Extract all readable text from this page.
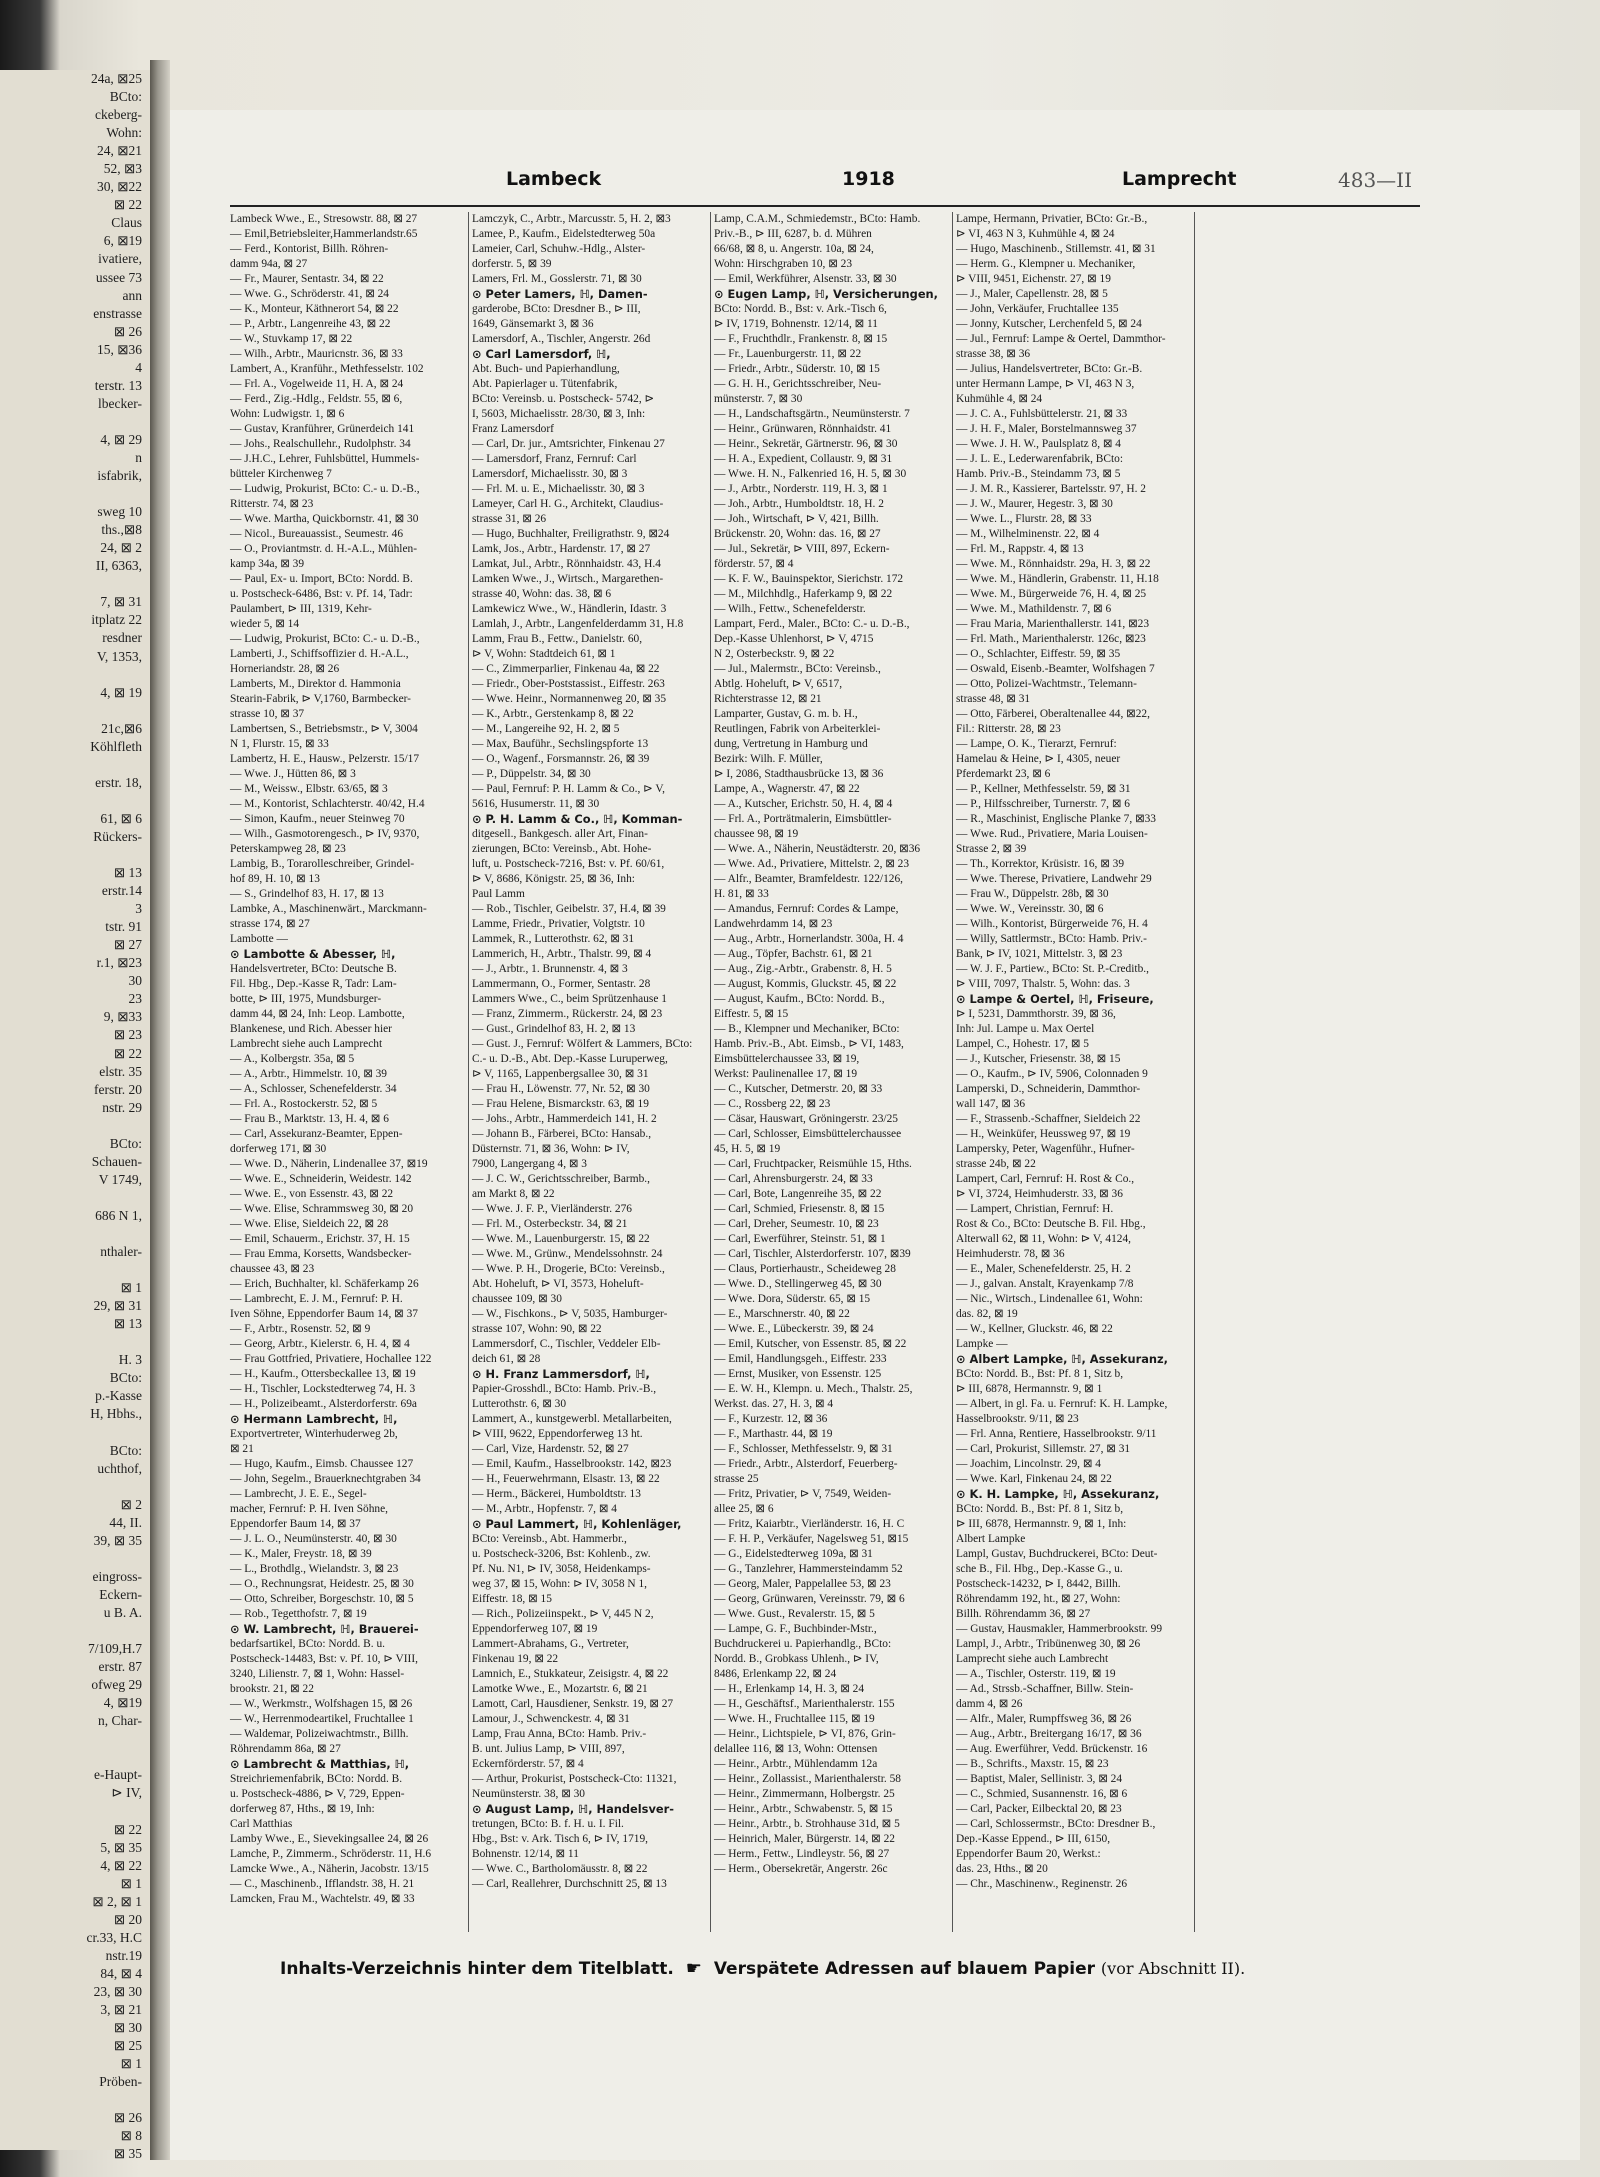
24a, ⊠25
BCto:
ckeberg-
Wohn:
24, ⊠21
52, ⊠3
30, ⊠22
⊠ 22
Claus
6, ⊠19
ivatiere,
ussee 73
ann
enstrasse
⊠ 26
15, ⊠36
4
terstr. 13
lbecker-

4, ⊠ 29
n
isfabrik,

sweg 10
ths.,⊠8
24, ⊠ 2
II, 6363,

7, ⊠ 31
itplatz 22
resdner
V, 1353,

4, ⊠ 19

21c,⊠6
Köhlfleth

erstr. 18,

61, ⊠ 6
Rückers-

⊠ 13
erstr.14
3
tstr. 91
⊠ 27
r.1, ⊠23
30
23
9, ⊠33
⊠ 23
⊠ 22
elstr. 35
ferstr. 20
nstr. 29

BCto:
Schauen-
V 1749,

686 N 1,

nthaler-

⊠ 1
29, ⊠ 31
⊠ 13

H. 3
BCto:
p.-Kasse
H, Hbhs.,

BCto:
uchthof,

⊠ 2
44, II.
39, ⊠ 35

eingross-
Eckern-
u B. A.

7/109,H.7
erstr. 87
ofweg 29
4, ⊠19
n, Char-

e-Haupt-
⊳ IV,

⊠ 22
5, ⊠ 35
4, ⊠ 22
⊠ 1
⊠ 2, ⊠ 1
⊠ 20
cr.33, H.C
nstr.19
84, ⊠ 4
23, ⊠ 30
3, ⊠ 21
⊠ 30
⊠ 25
⊠ 1
Pröben-

⊠ 26
⊠ 8
⊠ 35
Lambeck	1918	Lamprecht	483—II
Lambeck Wwe., E., Stresowstr. 88, ⊠ 27
— Emil,Betriebsleiter,Hammerlandstr.65
— Ferd., Kontorist, Billh. Röhren-
damm 94a, ⊠ 27
— Fr., Maurer, Sentastr. 34, ⊠ 22
— Wwe. G., Schröderstr. 41, ⊠ 24
— K., Monteur, Käthnerort 54, ⊠ 22
— P., Arbtr., Langenreihe 43, ⊠ 22
— W., Stuvkamp 17, ⊠ 22
— Wilh., Arbtr., Mauricnstr. 36, ⊠ 33
Lambert, A., Kranführ., Methfesselstr. 102
— Frl. A., Vogelweide 11, H. A, ⊠ 24
— Ferd., Zig.-Hdlg., Feldstr. 55, ⊠ 6,
Wohn: Ludwigstr. 1, ⊠ 6
— Gustav, Kranführer, Grünerdeich 141
— Johs., Realschullehr., Rudolphstr. 34
— J.H.C., Lehrer, Fuhlsbüttel, Hummels-
bütteler Kirchenweg 7
— Ludwig, Prokurist, BCto: C.- u. D.-B.,
Ritterstr. 74, ⊠ 23
— Wwe. Martha, Quickbornstr. 41, ⊠ 30
— Nicol., Bureauassist., Seumestr. 46
— O., Proviantmstr. d. H.-A.L., Mühlen-
kamp 34a, ⊠ 39
— Paul, Ex- u. Import, BCto: Nordd. B.
u. Postscheck-6486, Bst: v. Pf. 14, Tadr:
Paulambert, ⊳ III, 1319, Kehr-
wieder 5, ⊠ 14
— Ludwig, Prokurist, BCto: C.- u. D.-B.,
Lamberti, J., Schiffsoffizier d. H.-A.L.,
Horneriandstr. 28, ⊠ 26
Lamberts, M., Direktor d. Hammonia
Stearin-Fabrik, ⊳ V,1760, Barmbecker-
strasse 10, ⊠ 37
Lambertsen, S., Betriebsmstr., ⊳ V, 3004
N 1, Flurstr. 15, ⊠ 33
Lambertz, H. E., Hausw., Pelzerstr. 15/17
— Wwe. J., Hütten 86, ⊠ 3
— M., Weissw., Elbstr. 63/65, ⊠ 3
— M., Kontorist, Schlachterstr. 40/42, H.4
— Simon, Kaufm., neuer Steinweg 70
— Wilh., Gasmotorengesch., ⊳ IV, 9370,
Peterskampweg 28, ⊠ 23
Lambig, B., Torarolleschreiber, Grindel-
hof 89, H. 10, ⊠ 13
— S., Grindelhof 83, H. 17, ⊠ 13
Lambke, A., Maschinenwärt., Marckmann-
strasse 174, ⊠ 27
Lambotte —
⊙ Lambotte & Abesser, ℍ,
Handelsvertreter, BCto: Deutsche B.
Fil. Hbg., Dep.-Kasse R, Tadr: Lam-
botte, ⊳ III, 1975, Mundsburger-
damm 44, ⊠ 24, Inh: Leop. Lambotte,
Blankenese, und Rich. Abesser hier
Lambrecht siehe auch Lamprecht
— A., Kolbergstr. 35a, ⊠ 5
— A., Arbtr., Himmelstr. 10, ⊠ 39
— A., Schlosser, Schenefelderstr. 34
— Frl. A., Rostockerstr. 52, ⊠ 5
— Frau B., Marktstr. 13, H. 4, ⊠ 6
— Carl, Assekuranz-Beamter, Eppen-
dorferweg 171, ⊠ 30
— Wwe. D., Näherin, Lindenallee 37, ⊠19
— Wwe. E., Schneiderin, Weidestr. 142
— Wwe. E., von Essenstr. 43, ⊠ 22
— Wwe. Elise, Schrammsweg 30, ⊠ 20
— Wwe. Elise, Sieldeich 22, ⊠ 28
— Emil, Schauerm., Erichstr. 37, H. 15
— Frau Emma, Korsetts, Wandsbecker-
chaussee 43, ⊠ 23
— Erich, Buchhalter, kl. Schäferkamp 26
— Lambrecht, E. J. M., Fernruf: P. H.
Iven Söhne, Eppendorfer Baum 14, ⊠ 37
— F., Arbtr., Rosenstr. 52, ⊠ 9
— Georg, Arbtr., Kielerstr. 6, H. 4, ⊠ 4
— Frau Gottfried, Privatiere, Hochallee 122
— H., Kaufm., Ottersbeckallee 13, ⊠ 19
— H., Tischler, Lockstedterweg 74, H. 3
— H., Polizeibeamt., Alsterdorferstr. 69a
⊙ Hermann Lambrecht, ℍ,
Exportvertreter, Winterhuderweg 2b,
⊠ 21
— Hugo, Kaufm., Eimsb. Chaussee 127
— John, Segelm., Brauerknechtgraben 34
— Lambrecht, J. E. E., Segel-
macher, Fernruf: P. H. Iven Söhne,
Eppendorfer Baum 14, ⊠ 37
— J. L. O., Neumünsterstr. 40, ⊠ 30
— K., Maler, Freystr. 18, ⊠ 39
— L., Brothdlg., Wielandstr. 3, ⊠ 23
— O., Rechnungsrat, Heidestr. 25, ⊠ 30
— Otto, Schreiber, Borgeschstr. 10, ⊠ 5
— Rob., Tegetthofstr. 7, ⊠ 19
⊙ W. Lambrecht, ℍ, Brauerei-
bedarfsartikel, BCto: Nordd. B. u.
Postscheck-14483, Bst: v. Pf. 10, ⊳ VIII,
3240, Lilienstr. 7, ⊠ 1, Wohn: Hassel-
brookstr. 21, ⊠ 22
— W., Werkmstr., Wolfshagen 15, ⊠ 26
— W., Herrenmodeartikel, Fruchtallee 1
— Waldemar, Polizeiwachtmstr., Billh.
Röhrendamm 86a, ⊠ 27
⊙ Lambrecht & Matthias, ℍ,
Streichriemenfabrik, BCto: Nordd. B.
u. Postscheck-4886, ⊳ V, 729, Eppen-
dorferweg 87, Hths., ⊠ 19, Inh:
Carl Matthias
Lamby Wwe., E., Sievekingsallee 24, ⊠ 26
Lamche, P., Zimmerm., Schröderstr. 11, H.6
Lamcke Wwe., A., Näherin, Jacobstr. 13/15
— C., Maschinenb., Ifflandstr. 38, H. 21
Lamcken, Frau M., Wachtelstr. 49, ⊠ 33
Lamczyk, C., Arbtr., Marcusstr. 5, H. 2, ⊠3
Lamee, P., Kaufm., Eidelstedterweg 50a
Lameier, Carl, Schuhw.-Hdlg., Alster-
dorferstr. 5, ⊠ 39
Lamers, Frl. M., Gosslerstr. 71, ⊠ 30
⊙ Peter Lamers, ℍ, Damen-
garderobe, BCto: Dresdner B., ⊳ III,
1649, Gänsemarkt 3, ⊠ 36
Lamersdorf, A., Tischler, Angerstr. 26d
⊙ Carl Lamersdorf, ℍ,
Abt. Buch- und Papierhandlung,
Abt. Papierlager u. Tütenfabrik,
BCto: Vereinsb. u. Postscheck- 5742, ⊳
I, 5603, Michaelisstr. 28/30, ⊠ 3, Inh:
Franz Lamersdorf
— Carl, Dr. jur., Amtsrichter, Finkenau 27
— Lamersdorf, Franz, Fernruf: Carl
Lamersdorf, Michaelisstr. 30, ⊠ 3
— Frl. M. u. E., Michaelisstr. 30, ⊠ 3
Lameyer, Carl H. G., Architekt, Claudius-
strasse 31, ⊠ 26
— Hugo, Buchhalter, Freiligrathstr. 9, ⊠24
Lamk, Jos., Arbtr., Hardenstr. 17, ⊠ 27
Lamkat, Jul., Arbtr., Rönnhaidstr. 43, H.4
Lamken Wwe., J., Wirtsch., Margarethen-
strasse 40, Wohn: das. 38, ⊠ 6
Lamkewicz Wwe., W., Händlerin, Idastr. 3
Lamlah, J., Arbtr., Langenfelderdamm 31, H.8
Lamm, Frau B., Fettw., Danielstr. 60,
⊳ V, Wohn: Stadtdeich 61, ⊠ 1
— C., Zimmerparlier, Finkenau 4a, ⊠ 22
— Friedr., Ober-Poststassist., Eiffestr. 263
— Wwe. Heinr., Normannenweg 20, ⊠ 35
— K., Arbtr., Gerstenkamp 8, ⊠ 22
— M., Langereihe 92, H. 2, ⊠ 5
— Max, Bauführ., Sechslingspforte 13
— O., Wagenf., Forsmannstr. 26, ⊠ 39
— P., Düppelstr. 34, ⊠ 30
— Paul, Fernruf: P. H. Lamm & Co., ⊳ V,
5616, Husumerstr. 11, ⊠ 30
⊙ P. H. Lamm & Co., ℍ, Komman-
ditgesell., Bankgesch. aller Art, Finan-
zierungen, BCto: Vereinsb., Abt. Hohe-
luft, u. Postscheck-7216, Bst: v. Pf. 60/61,
⊳ V, 8686, Königstr. 25, ⊠ 36, Inh:
Paul Lamm
— Rob., Tischler, Geibelstr. 37, H.4, ⊠ 39
Lamme, Friedr., Privatier, Volgtstr. 10
Lammek, R., Lutterothstr. 62, ⊠ 31
Lammerich, H., Arbtr., Thalstr. 99, ⊠ 4
— J., Arbtr., 1. Brunnenstr. 4, ⊠ 3
Lammermann, O., Former, Sentastr. 28
Lammers Wwe., C., beim Sprützenhause 1
— Franz, Zimmerm., Rückerstr. 24, ⊠ 23
— Gust., Grindelhof 83, H. 2, ⊠ 13
— Gust. J., Fernruf: Wölfert & Lammers, BCto:
C.- u. D.-B., Abt. Dep.-Kasse Luruperweg,
⊳ V, 1165, Lappenbergsallee 30, ⊠ 31
— Frau H., Löwenstr. 77, Nr. 52, ⊠ 30
— Frau Helene, Bismarckstr. 63, ⊠ 19
— Johs., Arbtr., Hammerdeich 141, H. 2
— Johann B., Färberei, BCto: Hansab.,
Düsternstr. 71, ⊠ 36, Wohn: ⊳ IV,
7900, Langergang 4, ⊠ 3
— J. C. W., Gerichtsschreiber, Barmb.,
am Markt 8, ⊠ 22
— Wwe. J. F. P., Vierländerstr. 276
— Frl. M., Osterbeckstr. 34, ⊠ 21
— Wwe. M., Lauenburgerstr. 15, ⊠ 22
— Wwe. M., Grünw., Mendelssohnstr. 24
— Wwe. P. H., Drogerie, BCto: Vereinsb.,
Abt. Hoheluft, ⊳ VI, 3573, Hoheluft-
chaussee 109, ⊠ 30
— W., Fischkons., ⊳ V, 5035, Hamburger-
strasse 107, Wohn: 90, ⊠ 22
Lammersdorf, C., Tischler, Veddeler Elb-
deich 61, ⊠ 28
⊙ H. Franz Lammersdorf, ℍ,
Papier-Grosshdl., BCto: Hamb. Priv.-B.,
Lutterothstr. 6, ⊠ 30
Lammert, A., kunstgewerbl. Metallarbeiten,
⊳ VIII, 9622, Eppendorferweg 13 ht.
— Carl, Vize, Hardenstr. 52, ⊠ 27
— Emil, Kaufm., Hasselbrookstr. 142, ⊠23
— H., Feuerwehrmann, Elsastr. 13, ⊠ 22
— Herm., Bäckerei, Humboldtstr. 13
— M., Arbtr., Hopfenstr. 7, ⊠ 4
⊙ Paul Lammert, ℍ, Kohlenläger,
BCto: Vereinsb., Abt. Hammerbr.,
u. Postscheck-3206, Bst: Kohlenb., zw.
Pf. Nu. N1, ⊳ IV, 3058, Heidenkamps-
weg 37, ⊠ 15, Wohn: ⊳ IV, 3058 N 1,
Eiffestr. 18, ⊠ 15
— Rich., Polizeiinspekt., ⊳ V, 445 N 2,
Eppendorferweg 107, ⊠ 19
Lammert-Abrahams, G., Vertreter,
Finkenau 19, ⊠ 22
Lamnich, E., Stukkateur, Zeisigstr. 4, ⊠ 22
Lamotke Wwe., E., Mozartstr. 6, ⊠ 21
Lamott, Carl, Hausdiener, Senkstr. 19, ⊠ 27
Lamour, J., Schwenckestr. 4, ⊠ 31
Lamp, Frau Anna, BCto: Hamb. Priv.-
B. unt. Julius Lamp, ⊳ VIII, 897,
Eckernförderstr. 57, ⊠ 4
— Arthur, Prokurist, Postscheck-Cto: 11321,
Neumünsterstr. 38, ⊠ 30
⊙ August Lamp, ℍ, Handelsver-
tretungen, BCto: B. f. H. u. I. Fil.
Hbg., Bst: v. Ark. Tisch 6, ⊳ IV, 1719,
Bohnenstr. 12/14, ⊠ 11
— Wwe. C., Bartholomäusstr. 8, ⊠ 22
— Carl, Reallehrer, Durchschnitt 25, ⊠ 13
Lamp, C.A.M., Schmiedemstr., BCto: Hamb.
Priv.-B., ⊳ III, 6287, b. d. Mühren
66/68, ⊠ 8, u. Angerstr. 10a, ⊠ 24,
Wohn: Hirschgraben 10, ⊠ 23
— Emil, Werkführer, Alsenstr. 33, ⊠ 30
⊙ Eugen Lamp, ℍ, Versicherungen,
BCto: Nordd. B., Bst: v. Ark.-Tisch 6,
⊳ IV, 1719, Bohnenstr. 12/14, ⊠ 11
— F., Fruchthdlr., Frankenstr. 8, ⊠ 15
— Fr., Lauenburgerstr. 11, ⊠ 22
— Friedr., Arbtr., Süderstr. 10, ⊠ 15
— G. H. H., Gerichtsschreiber, Neu-
münsterstr. 7, ⊠ 30
— H., Landschaftsgärtn., Neumünsterstr. 7
— Heinr., Grünwaren, Rönnhaidstr. 41
— Heinr., Sekretär, Gärtnerstr. 96, ⊠ 30
— H. A., Expedient, Collaustr. 9, ⊠ 31
— Wwe. H. N., Falkenried 16, H. 5, ⊠ 30
— J., Arbtr., Norderstr. 119, H. 3, ⊠ 1
— Joh., Arbtr., Humboldtstr. 18, H. 2
— Joh., Wirtschaft, ⊳ V, 421, Billh.
Brückenstr. 20, Wohn: das. 16, ⊠ 27
— Jul., Sekretär, ⊳ VIII, 897, Eckern-
förderstr. 57, ⊠ 4
— K. F. W., Bauinspektor, Sierichstr. 172
— M., Milchhdlg., Haferkamp 9, ⊠ 22
— Wilh., Fettw., Schenefelderstr.
Lampart, Ferd., Maler., BCto: C.- u. D.-B.,
Dep.-Kasse Uhlenhorst, ⊳ V, 4715
N 2, Osterbeckstr. 9, ⊠ 22
— Jul., Malermstr., BCto: Vereinsb.,
Abtlg. Hoheluft, ⊳ V, 6517,
Richterstrasse 12, ⊠ 21
Lamparter, Gustav, G. m. b. H.,
Reutlingen, Fabrik von Arbeiterklei-
dung, Vertretung in Hamburg und
Bezirk: Wilh. F. Müller,
⊳ I, 2086, Stadthausbrücke 13, ⊠ 36
Lampe, A., Wagnerstr. 47, ⊠ 22
— A., Kutscher, Erichstr. 50, H. 4, ⊠ 4
— Frl. A., Porträtmalerin, Eimsbüttler-
chaussee 98, ⊠ 19
— Wwe. A., Näherin, Neustädterstr. 20, ⊠36
— Wwe. Ad., Privatiere, Mittelstr. 2, ⊠ 23
— Alfr., Beamter, Bramfeldestr. 122/126,
H. 81, ⊠ 33
— Amandus, Fernruf: Cordes & Lampe,
Landwehrdamm 14, ⊠ 23
— Aug., Arbtr., Hornerlandstr. 300a, H. 4
— Aug., Töpfer, Bachstr. 61, ⊠ 21
— Aug., Zig.-Arbtr., Grabenstr. 8, H. 5
— August, Kommis, Gluckstr. 45, ⊠ 22
— August, Kaufm., BCto: Nordd. B.,
Eiffestr. 5, ⊠ 15
— B., Klempner und Mechaniker, BCto:
Hamb. Priv.-B., Abt. Eimsb., ⊳ VI, 1483,
Eimsbüttelerchaussee 33, ⊠ 19,
Werkst: Paulinenallee 17, ⊠ 19
— C., Kutscher, Detmerstr. 20, ⊠ 33
— C., Rossberg 22, ⊠ 23
— Cäsar, Hauswart, Gröningerstr. 23/25
— Carl, Schlosser, Eimsbüttelerchaussee
45, H. 5, ⊠ 19
— Carl, Fruchtpacker, Reismühle 15, Hths.
— Carl, Ahrensburgerstr. 24, ⊠ 33
— Carl, Bote, Langenreihe 35, ⊠ 22
— Carl, Schmied, Friesenstr. 8, ⊠ 15
— Carl, Dreher, Seumestr. 10, ⊠ 23
— Carl, Ewerführer, Steinstr. 51, ⊠ 1
— Carl, Tischler, Alsterdorferstr. 107, ⊠39
— Claus, Portierhaustr., Scheideweg 28
— Wwe. D., Stellingerweg 45, ⊠ 30
— Wwe. Dora, Süderstr. 65, ⊠ 15
— E., Marschnerstr. 40, ⊠ 22
— Wwe. E., Lübeckerstr. 39, ⊠ 24
— Emil, Kutscher, von Essenstr. 85, ⊠ 22
— Emil, Handlungsgeh., Eiffestr. 233
— Ernst, Musiker, von Essenstr. 125
— E. W. H., Klempn. u. Mech., Thalstr. 25,
Werkst. das. 27, H. 3, ⊠ 4
— F., Kurzestr. 12, ⊠ 36
— F., Marthastr. 44, ⊠ 19
— F., Schlosser, Methfesselstr. 9, ⊠ 31
— Friedr., Arbtr., Alsterdorf, Feuerberg-
strasse 25
— Fritz, Privatier, ⊳ V, 7549, Weiden-
allee 25, ⊠ 6
— Fritz, Kaiarbtr., Vierländerstr. 16, H. C
— F. H. P., Verkäufer, Nagelsweg 51, ⊠15
— G., Eidelstedterweg 109a, ⊠ 31
— G., Tanzlehrer, Hammersteindamm 52
— Georg, Maler, Pappelallee 53, ⊠ 23
— Georg, Grünwaren, Vereinsstr. 79, ⊠ 6
— Wwe. Gust., Revalerstr. 15, ⊠ 5
— Lampe, G. F., Buchbinder-Mstr.,
Buchdruckerei u. Papierhandlg., BCto:
Nordd. B., Grobkass Uhlenh., ⊳ IV,
8486, Erlenkamp 22, ⊠ 24
— H., Erlenkamp 14, H. 3, ⊠ 24
— H., Geschäftsf., Marienthalerstr. 155
— Wwe. H., Fruchtallee 115, ⊠ 19
— Heinr., Lichtspiele, ⊳ VI, 876, Grin-
delallee 116, ⊠ 13, Wohn: Ottensen
— Heinr., Arbtr., Mühlendamm 12a
— Heinr., Zollassist., Marienthalerstr. 58
— Heinr., Zimmermann, Holbergstr. 25
— Heinr., Arbtr., Schwabenstr. 5, ⊠ 15
— Heinr., Arbtr., b. Strohhause 31d, ⊠ 5
— Heinrich, Maler, Bürgerstr. 14, ⊠ 22
— Herm., Fettw., Lindleystr. 56, ⊠ 27
— Herm., Obersekretär, Angerstr. 26c
Lampe, Hermann, Privatier, BCto: Gr.-B.,
⊳ VI, 463 N 3, Kuhmühle 4, ⊠ 24
— Hugo, Maschinenb., Stillemstr. 41, ⊠ 31
— Herm. G., Klempner u. Mechaniker,
⊳ VIII, 9451, Eichenstr. 27, ⊠ 19
— J., Maler, Capellenstr. 28, ⊠ 5
— John, Verkäufer, Fruchtallee 135
— Jonny, Kutscher, Lerchenfeld 5, ⊠ 24
— Jul., Fernruf: Lampe & Oertel, Dammthor-
strasse 38, ⊠ 36
— Julius, Handelsvertreter, BCto: Gr.-B.
unter Hermann Lampe, ⊳ VI, 463 N 3,
Kuhmühle 4, ⊠ 24
— J. C. A., Fuhlsbüttelerstr. 21, ⊠ 33
— J. H. F., Maler, Borstelmannsweg 37
— Wwe. J. H. W., Paulsplatz 8, ⊠ 4
— J. L. E., Lederwarenfabrik, BCto:
Hamb. Priv.-B., Steindamm 73, ⊠ 5
— J. M. R., Kassierer, Bartelsstr. 97, H. 2
— J. W., Maurer, Hegestr. 3, ⊠ 30
— Wwe. L., Flurstr. 28, ⊠ 33
— M., Wilhelminenstr. 22, ⊠ 4
— Frl. M., Rappstr. 4, ⊠ 13
— Wwe. M., Rönnhaidstr. 29a, H. 3, ⊠ 22
— Wwe. M., Händlerin, Grabenstr. 11, H.18
— Wwe. M., Bürgerweide 76, H. 4, ⊠ 25
— Wwe. M., Mathildenstr. 7, ⊠ 6
— Frau Maria, Marienthallerstr. 141, ⊠23
— Frl. Math., Marienthalerstr. 126c, ⊠23
— O., Schlachter, Eiffestr. 59, ⊠ 35
— Oswald, Eisenb.-Beamter, Wolfshagen 7
— Otto, Polizei-Wachtmstr., Telemann-
strasse 48, ⊠ 31
— Otto, Färberei, Oberaltenallee 44, ⊠22,
Fil.: Ritterstr. 28, ⊠ 23
— Lampe, O. K., Tierarzt, Fernruf:
Hamelau & Heine, ⊳ I, 4305, neuer
Pferdemarkt 23, ⊠ 6
— P., Kellner, Methfesselstr. 59, ⊠ 31
— P., Hilfsschreiber, Turnerstr. 7, ⊠ 6
— R., Maschinist, Englische Planke 7, ⊠33
— Wwe. Rud., Privatiere, Maria Louisen-
Strasse 2, ⊠ 39
— Th., Korrektor, Krüsistr. 16, ⊠ 39
— Wwe. Therese, Privatiere, Landwehr 29
— Frau W., Düppelstr. 28b, ⊠ 30
— Wwe. W., Vereinsstr. 30, ⊠ 6
— Wilh., Kontorist, Bürgerweide 76, H. 4
— Willy, Sattlermstr., BCto: Hamb. Priv.-
Bank, ⊳ IV, 1021, Mittelstr. 3, ⊠ 23
— W. J. F., Partiew., BCto: St. P.-Creditb.,
⊳ VIII, 7097, Thalstr. 5, Wohn: das. 3
⊙ Lampe & Oertel, ℍ, Friseure,
⊳ I, 5231, Dammthorstr. 39, ⊠ 36,
Inh: Jul. Lampe u. Max Oertel
Lampel, C., Hohestr. 17, ⊠ 5
— J., Kutscher, Friesenstr. 38, ⊠ 15
— O., Kaufm., ⊳ IV, 5906, Colonnaden 9
Lamperski, D., Schneiderin, Dammthor-
wall 147, ⊠ 36
— F., Strassenb.-Schaffner, Sieldeich 22
— H., Weinküfer, Heussweg 97, ⊠ 19
Lampersky, Peter, Wagenführ., Hufner-
strasse 24b, ⊠ 22
Lampert, Carl, Fernruf: H. Rost & Co.,
⊳ VI, 3724, Heimhuderstr. 33, ⊠ 36
— Lampert, Christian, Fernruf: H.
Rost & Co., BCto: Deutsche B. Fil. Hbg.,
Alterwall 62, ⊠ 11, Wohn: ⊳ V, 4124,
Heimhuderstr. 78, ⊠ 36
— E., Maler, Schenefelderstr. 25, H. 2
— J., galvan. Anstalt, Krayenkamp 7/8
— Nic., Wirtsch., Lindenallee 61, Wohn:
das. 82, ⊠ 19
— W., Kellner, Gluckstr. 46, ⊠ 22
Lampke —
⊙ Albert Lampke, ℍ, Assekuranz,
BCto: Nordd. B., Bst: Pf. 8 1, Sitz b,
⊳ III, 6878, Hermannstr. 9, ⊠ 1
— Albert, in gl. Fa. u. Fernruf: K. H. Lampke,
Hasselbrookstr. 9/11, ⊠ 23
— Frl. Anna, Rentiere, Hasselbrookstr. 9/11
— Carl, Prokurist, Sillemstr. 27, ⊠ 31
— Joachim, Lincolnstr. 29, ⊠ 4
— Wwe. Karl, Finkenau 24, ⊠ 22
⊙ K. H. Lampke, ℍ, Assekuranz,
BCto: Nordd. B., Bst: Pf. 8 1, Sitz b,
⊳ III, 6878, Hermannstr. 9, ⊠ 1, Inh:
Albert Lampke
Lampl, Gustav, Buchdruckerei, BCto: Deut-
sche B., Fil. Hbg., Dep.-Kasse G., u.
Postscheck-14232, ⊳ I, 8442, Billh.
Röhrendamm 192, ht., ⊠ 27, Wohn:
Billh. Röhrendamm 36, ⊠ 27
— Gustav, Hausmakler, Hammerbrookstr. 99
Lampl, J., Arbtr., Tribünenweg 30, ⊠ 26
Lamprecht siehe auch Lambrecht
— A., Tischler, Osterstr. 119, ⊠ 19
— Ad., Strssb.-Schaffner, Billw. Stein-
damm 4, ⊠ 26
— Alfr., Maler, Rumpffsweg 36, ⊠ 26
— Aug., Arbtr., Breitergang 16/17, ⊠ 36
— Aug. Ewerführer, Vedd. Brückenstr. 16
— B., Schrifts., Maxstr. 15, ⊠ 23
— Baptist, Maler, Sellinistr. 3, ⊠ 24
— C., Schmied, Susannenstr. 16, ⊠ 6
— Carl, Packer, Eilbecktal 20, ⊠ 23
— Carl, Schlossermstr., BCto: Dresdner B.,
Dep.-Kasse Eppend., ⊳ III, 6150,
Eppendorfer Baum 20, Werkst.:
das. 23, Hths., ⊠ 20
— Chr., Maschinenw., Reginenstr. 26
Inhalts-Verzeichnis hinter dem Titelblatt. ☛ Verspätete Adressen auf blauem Papier (vor Abschnitt II).
